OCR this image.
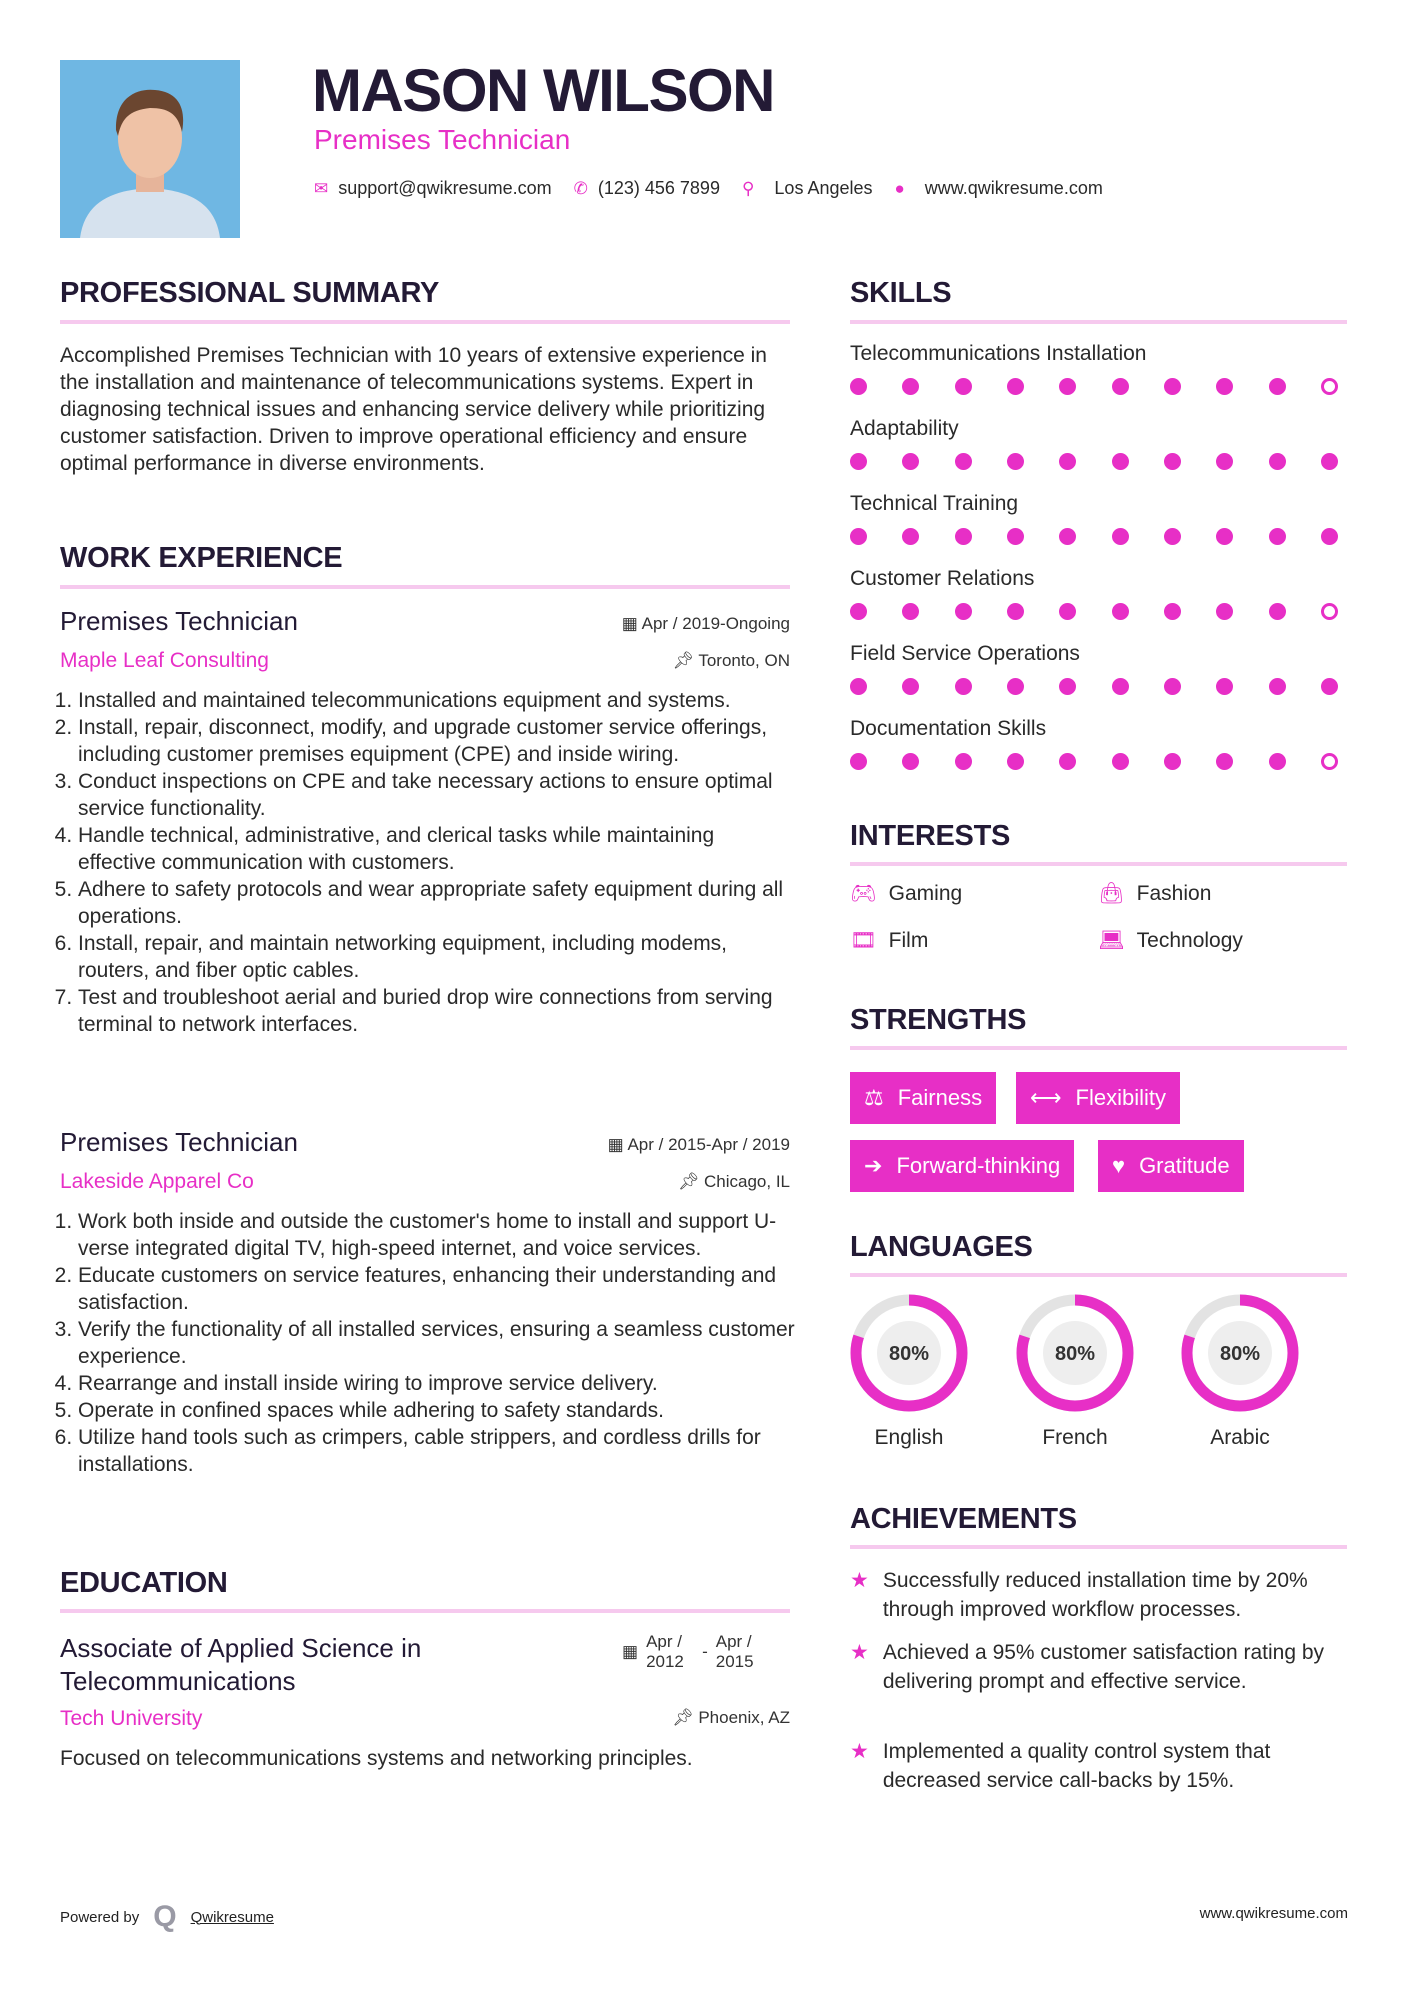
MASON WILSON
Premises Technician
✉ support@qwikresume.com ✆ (123) 456 7899 ⚲ Los Angeles ● www.qwikresume.com
PROFESSIONAL SUMMARY
Accomplished Premises Technician with 10 years of extensive experience in the installation and maintenance of telecommunications systems. Expert in diagnosing technical issues and enhancing service delivery while prioritizing customer satisfaction. Driven to improve operational efficiency and ensure optimal performance in diverse environments.
WORK EXPERIENCE
Premises Technician	▦ Apr / 2019-Ongoing
Maple Leaf Consulting	📌︎ Toronto, ON
1. Installed and maintained telecommunications equipment and systems.
2. Install, repair, disconnect, modify, and upgrade customer service offerings, including customer premises equipment (CPE) and inside wiring.
3. Conduct inspections on CPE and take necessary actions to ensure optimal service functionality.
4. Handle technical, administrative, and clerical tasks while maintaining effective communication with customers.
5. Adhere to safety protocols and wear appropriate safety equipment during all operations.
6. Install, repair, and maintain networking equipment, including modems, routers, and fiber optic cables.
7. Test and troubleshoot aerial and buried drop wire connections from serving terminal to network interfaces.
Premises Technician	▦ Apr / 2015-Apr / 2019
Lakeside Apparel Co	📌︎ Chicago, IL
1. Work both inside and outside the customer's home to install and support U-verse integrated digital TV, high-speed internet, and voice services.
2. Educate customers on service features, enhancing their understanding and satisfaction.
3. Verify the functionality of all installed services, ensuring a seamless customer experience.
4. Rearrange and install inside wiring to improve service delivery.
5. Operate in confined spaces while adhering to safety standards.
6. Utilize hand tools such as crimpers, cable strippers, and cordless drills for installations.
EDUCATION
Associate of Applied Science in Telecommunications
▦
Apr / 2012
-
Apr / 2015
Tech University	📌︎ Phoenix, AZ
Focused on telecommunications systems and networking principles.
SKILLS
Telecommunications Installation
Adaptability
Technical Training
Customer Relations
Field Service Operations
Documentation Skills
INTERESTS
🎮︎ Gaming	👜︎ Fashion
🎞︎ Film	💻︎ Technology
STRENGTHS
⚖ Fairness ⟷ Flexibility
➔ Forward-thinking ♥ Gratitude
LANGUAGES
80%
English
80%
French
80%
Arabic
ACHIEVEMENTS
★ Successfully reduced installation time by 20% through improved workflow processes.
★ Achieved a 95% customer satisfaction rating by delivering prompt and effective service.
★ Implemented a quality control system that decreased service call-backs by 15%.
Powered by Q Qwikresume	www.qwikresume.com
